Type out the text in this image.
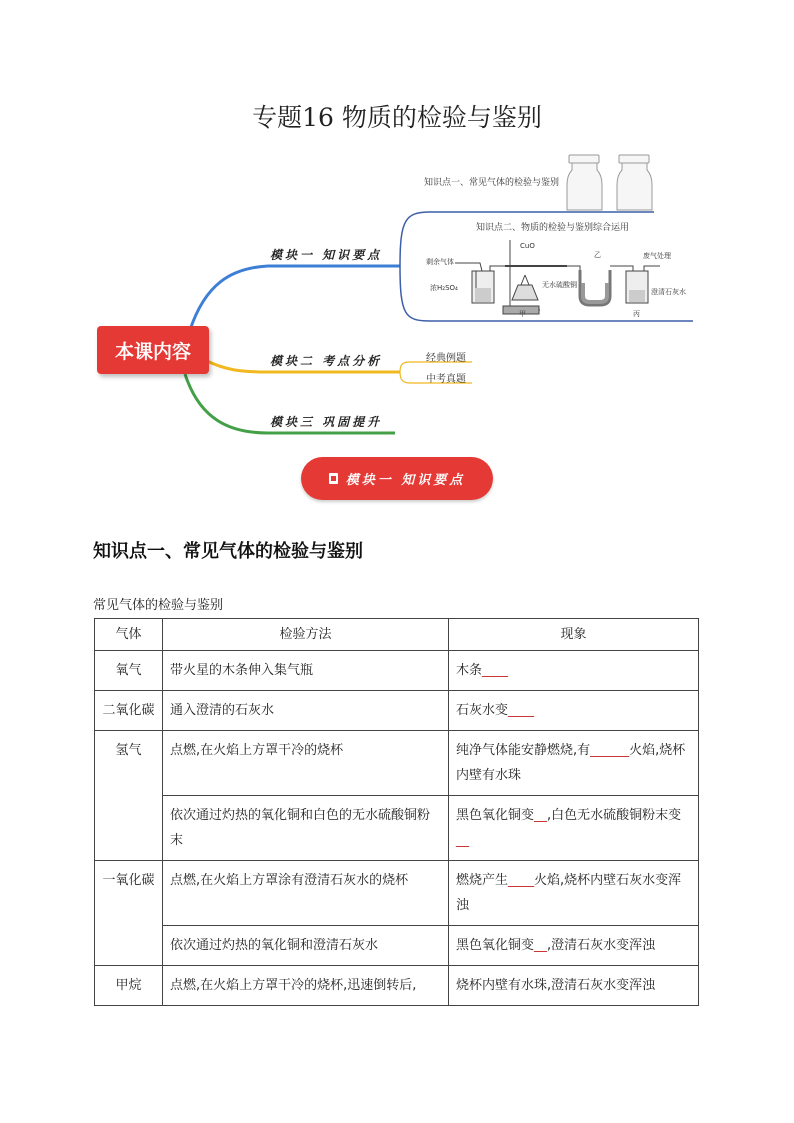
专题16 物质的检验与鉴别
本课内容
模块一 知识要点
模块二 考点分析
模块三 巩固提升
知识点一、常见气体的检验与鉴别
知识点二、物质的检验与鉴别综合运用
CuO
乙	废气处理
剩余气体
浓H₂SO₄	无水硫酸铜
澄清石灰水
甲	丙
经典例题
中考真题
模块一 知识要点
知识点一、常见气体的检验与鉴别
常见气体的检验与鉴别
气体	检验方法	现象
氧气	带火星的木条伸入集气瓶	木条____
二氧化碳	通入澄清的石灰水	石灰水变____
氢气	点燃,在火焰上方罩干冷的烧杯	纯净气体能安静燃烧,有______火焰,烧杯内壁有水珠
	依次通过灼热的氧化铜和白色的无水硫酸铜粉末	黑色氧化铜变__,白色无水硫酸铜粉末变__
一氧化碳	点燃,在火焰上方罩涂有澄清石灰水的烧杯	燃烧产生____火焰,烧杯内壁石灰水变浑浊
	依次通过灼热的氧化铜和澄清石灰水	黑色氧化铜变__,澄清石灰水变浑浊
甲烷	点燃,在火焰上方罩干冷的烧杯,迅速倒转后,	烧杯内壁有水珠,澄清石灰水变浑浊
